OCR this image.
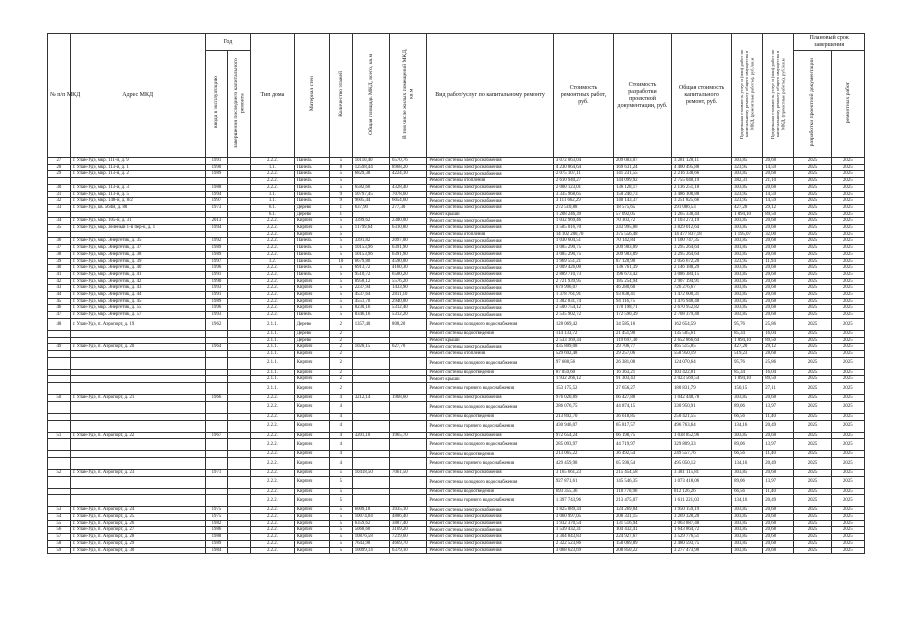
№ п/п МКД	Адрес МКД	Год		Тип дома	Материал стен	Количество этажей	Общая площадь МКД, всего, кв.м	В том числе жилых помещений МКД, кв.м	Вид работ/услуг по капитальному ремонту	Стоимость ремонтных работ, руб.	Стоимость разработки проектной документации, руб.	Общая стоимость капитального ремонт, руб.	Предельная стоимость услуг и (или) работ по капитальному ремонту общего имущества в МКД, (ремонтные работы), руб./кв.м	Предельная стоимость услуг и (или) работ по капитальному ремонту общего имущества в МКД, (проектные работы), руб./кв.м	Плановый срок завершения	
		ввода в эксплуатацию	завершения последнего капитального ремонта												разработки проектной документации	ремонтных работ
27	г. Улан-Удэ, мкр. 111-й, д. 9	1991		2.2.2.	Панель	5	10110,40	6570,76	Ремонт системы электроснабжения	3 072 063,04	209 083,07	3 281 128,11	303,85	20,68	2025	2025
28	г. Улан-Удэ, мкр. 113-й, д. 1	1990		1.1.	Панель	8	12598,44	8968,20	Ремонт системы электроснабжения	4 230 864,64	169 631,24	4 400 495,88	323,95	14,59	2025	2025
29	г. Улан-Удэ, мкр. 113-й, д. 2	1989		2.2.2.	Панель	5	6829,38	4224,10	Ремонт системы электроснабжения	2 075 107,11	141 231,55	2 216 338,66	303,85	20,68	2025	2025
				2.2.2.	Панель	5			Ремонт системы отопления	2 610 940,27	144 099,92	2 755 040,19	382,31	21,10	2025	2025
30	г. Улан-Удэ, мкр. 113-й, д. 3	1988		2.2.2.	Панель	5	6582,60	4328,40	Ремонт системы электроснабжения	2 000 123,01	136 128,17	2 136 251,18	303,85	20,68	2025	2025
31	г. Улан-Удэ, мкр. 113-й, д. 5	1994		1.1.	Панель	9	10797,45	7078,60	Ремонт системы электроснабжения	3 335 968,65	150 240,73	3 486 108,88	323,95	14,59	2025	2025
32	г. Улан-Удэ, мкр. 148-й, д. 8/2	1997		1.1.	Панель	9	9605,44	6054,60	Ремонт системы электроснабжения	3 111 662,29	140 143,37	3 251 825,66	323,95	14,59	2025	2025
33	г. Улан-Удэ, кв. 564В, д. 88	1973		6.1.	Дерево	1	637,90	277,30	Ремонт системы электроснабжения	272 510,88	18 575,65	291 086,53	427,20	29,12	2025	2025
				6.1.	Дерево	1			Ремонт крыши	1 208 246,39	57 092,05	1 265 338,44	1 894,10	89,50	2025	2025
34	г. Улан-Удэ, мкр. 105-й, д. 31	2013		2.2.2.	Кирпич	5	3399,62	2300,00	Ремонт системы электроснабжения	1 032 969,46	70 303,72	1 103 273,19	303,85	20,68	2025	2025
35	г. Улан-Удэ, мкр. Зеленый 1-й пер-к, д. 1	1994		2.2.2.	Кирпич	5	11799,64	6310,80	Ремонт системы электроснабжения	3 585 016,70	243 995,88	3 829 012,64	303,85	20,68	2025	2025
				2.2.2.	Кирпич	5			Ремонт системы отопления	14 102 280,70	375 556,48	14 477 837,18	1 195,07	32,00	2025	2025
36	г. Улан-Удэ, мкр. Энергетик, д. 35	1992		2.2.2.	Панель	5	3391,82	2097,00	Ремонт системы электроснабжения	1 030 604,51	70 142,84	1 100 747,35	303,85	20,68	2025	2025
37	г. Улан-Удэ, мкр. Энергетик, д. 37	1989		2.2.2.	Панель	5	10153,96	6391,90	Ремонт системы электроснабжения	3 085 290,75	209 983,89	3 295 264,64	303,85	20,68	2025	2025
38	г. Улан-Удэ, мкр. Энергетик, д. 38	1989		2.2.2.	Панель	5	10153,96	6391,90	Ремонт системы электроснабжения	3 085 290,75	209 983,89	3 295 264,64	303,85	20,68	2025	2025
39	г. Улан-Удэ, мкр. Энергетик, д. 39	1997		1.2.	Панель	10	6679,80	4590,00	Ремонт системы электроснабжения	1 969 551,21	87 120,90	2 056 672,20	323,95	11,94	2025	2025
40	г. Улан-Удэ, мкр. Энергетик, д. 40	1996		2.2.2.	Панель	5	6913,72	4160,30	Ремонт системы электроснабжения	2 009 426,00	136 761,39	2 146 188,29	303,85	20,68	2025	2025
41	г. Улан-Удэ, мкр. Энергетик, д. 41	1991		2.2.2.	Панель	5	9510,72	6500,20	Ремонт системы электроснабжения	2 889 710,73	196 673,42	3 086 384,15	303,85	20,68	2025	2025
42	г. Улан-Удэ, мкр. Энергетик, д. 42	1990		2.2.2.	Кирпич	5	8958,12	5576,20	Ремонт системы электроснабжения	2 721 939,95	185 254,94	2 907 194,91	303,85	20,68	2025	2025
43	г. Улан-Удэ, мкр. Энергетик, д. 43	1993		2.2.2.	Кирпич	5	2237,94	1433,90	Ремонт системы электроснабжения	679 996,07	46 280,60	726 276,67	303,85	20,68	2025	2025
44	г. Улан-Удэ, мкр. Энергетик, д. 44	1991		2.2.2.	Кирпич	5	4537,64	2811,10	Ремонт системы электроснабжения	1 378 761,91	93 838,41	1 472 600,31	303,85	20,68	2025	2025
45	г. Улан-Удэ, мкр. Энергетик, д. 45	1989		2.2.2.	Кирпич	5	4551,70	2940,00	Ремонт системы электроснабжения	1 382 831,74	94 116,75	1 476 948,48	303,85	20,68	2025	2025
46	г. Улан-Удэ, мкр. Энергетик, д. 55	1996		2.2.2.	Кирпич	5	8230,16	5312,40	Ремонт системы электроснабжения	2 500 754,12	170 198,71	2 670 952,82	303,85	20,68	2025	2025
47	г. Улан-Удэ, мкр. Энергетик, д. 57	1993		2.2.2.	Панель	5	8346,16	5312,20	Ремонт системы электроснабжения	2 535 902,72	172 590,39	2 708 379,40	303,85	20,68	2025	2025
48	г. Улан-Удэ, п. Аэропорт, д. 19	1962		2.1.1.	Дерево	2	1357,40	808,20	Ремонт системы холодного водоснабжения	128 069,42	34 585,16	162 654,59	95,76	25,86	2025	2025
				2.1.1.	Дерево	2			Ремонт системы водоотведения	114 133,72	21 451,90	135 585,61	85,34	16,04	2025	2025
				2.1.1.	Дерево	2			Ремонт крыши	2 533 169,34	119 697,30	2 652 866,64	1 894,10	89,50	2025	2025
49	г. Улан-Удэ, п. Аэропорт, д. 20	1964		2.1.1.	Кирпич	2	1020,15	627,70	Ремонт системы электроснабжения	435 809,08	29 706,77	465 515,85	427,20	29,12	2025	2025
				2.1.1.	Кирпич	2			Ремонт системы отопления	529 692,48	29 257,06	558 950,19	519,23	28,68	2025	2025
				2.1.1.	Кирпич	2			Ремонт системы холодного водоснабжения	97 688,56	26 381,08	124 070,64	95,76	25,86	2025	2025
				2.1.1.	Кирпич	2			Ремонт системы водоотведения	87 059,60	16 363,21	103 422,81	85,34	16,04	2025	2025
				2.1.1.	Кирпич	2			Ремонт крыши	1 932 266,12	91 303,43	2 023 569,54	1 894,10	89,50	2025	2025
				2.1.1.	Кирпич	2			Ремонт системы горячего водоснабжения	153 175,52	27 656,27	180 831,79	150,15	27,11	2025	2025
50	г. Улан-Удэ, п. Аэропорт, д. 21	1966		2.2.2.	Кирпич	4	3212,14	1968,60	Ремонт системы электроснабжения	976 020,89	66 427,88	1 042 448,78	303,85	20,68	2025	2025
				2.2.2.	Кирпич	4			Ремонт системы холодного водоснабжения	286 076,75	44 874,15	330 950,91	89,06	13,97	2025	2025
				2.2.2.	Кирпич	4			Ремонт системы водоотведения	213 892,70	36 618,85	250 421,55	66,56	11,40	2025	2025
				2.2.2.	Кирпич	4			Ремонт системы горячего водоснабжения	430 946,07	65 817,57	496 763,64	134,16	20,49	2025	2025
51	г. Улан-Удэ, п. Аэропорт, д. 22	1967		2.2.2.	Кирпич	4	3201,10	1965,70	Ремонт системы электроснабжения	972 654,24	66 198,75	1 038 852,96	303,85	20,68	2025	2025
				2.2.2.	Кирпич	4			Ремонт системы холодного водоснабжения	285 093,97	44 719,97	329 809,33	89,06	13,97	2025	2025
				2.2.2.	Кирпич	4			Ремонт системы водоотведения	213 065,22	36 492,54	249 557,76	66,56	11,40	2025	2025
				2.2.2.	Кирпич	4			Ремонт системы горячего водоснабжения	429 459,98	65 590,54	495 050,12	134,16	20,49	2025	2025
52	г. Улан-Удэ, п. Аэропорт, д. 23	1971		2.2.2.	Кирпич	5	10418,50	7061,50	Ремонт системы электроснабжения	3 165 661,23	215 454,58	3 381 115,81	303,85	20,68	2025	2025
				2.2.2.	Кирпич	5			Ремонт системы холодного водоснабжения	927 871,61	145 546,35	1 073 418,06	89,06	13,97	2025	2025
				2.2.2.	Кирпич	5			Ремонт системы водоотведения	693 355,36	118 770,90	812 126,26	66,56	11,40	2025	2025
				2.2.2.	Кирпич	5			Ремонт системы горячего водоснабжения	1 397 743,96	213 475,07	1 611 221,03	134,16	20,49	2025	2025
53	г. Улан-Удэ, п. Аэропорт, д. 24	1975		2.2.2.	Кирпич	5	6009,18	3935,10	Ремонт системы электроснабжения	1 825 889,34	124 269,84	1 950 159,19	303,85	20,68	2025	2025
54	г. Улан-Удэ, п. Аэропорт, д. 25	1975		2.2.2.	Кирпич	5	10074,04	4886,40	Ремонт системы электроснабжения	3 060 997,05	208 331,15	3 269 328,20	303,85	20,68	2025	2025
55	г. Улан-Удэ, п. Аэропорт, д. 26	1982		2.2.2.	Кирпич	5	6359,62	3887,40	Ремонт системы электроснабжения	1 932 370,54	131 516,94	2 063 887,48	303,85	20,68	2025	2025
56	г. Улан-Удэ, п. Аэропорт, д. 27	1986		2.2.2.	Кирпич	5	5068,60	3169,20	Ремонт системы электроснабжения	1 539 432,31	104 432,41	1 643 864,72	303,85	20,68	2025	2025
57	г. Улан-Удэ, п. Аэропорт, д. 28	1988		2.2.2.	Кирпич	5	10876,58	7219,60	Ремонт системы электроснабжения	3 304 843,83	224 927,67	3 529 776,51	303,85	20,68	2025	2025
58	г. Улан-Удэ, п. Аэропорт, д. 29	1989		2.2.2.	Кирпич	5	7643,98	4669,70	Ремонт системы электроснабжения	2 322 523,86	158 069,89	2 480 593,75	303,85	20,68	2025	2025
59	г. Улан-Удэ, п. Аэропорт, д. 30	1984		2.2.2.	Кирпич	5	10099,14	6379,10	Ремонт системы электроснабжения	3 068 623,69	208 850,22	3 277 473,90	303,85	20,68	2025	2025
